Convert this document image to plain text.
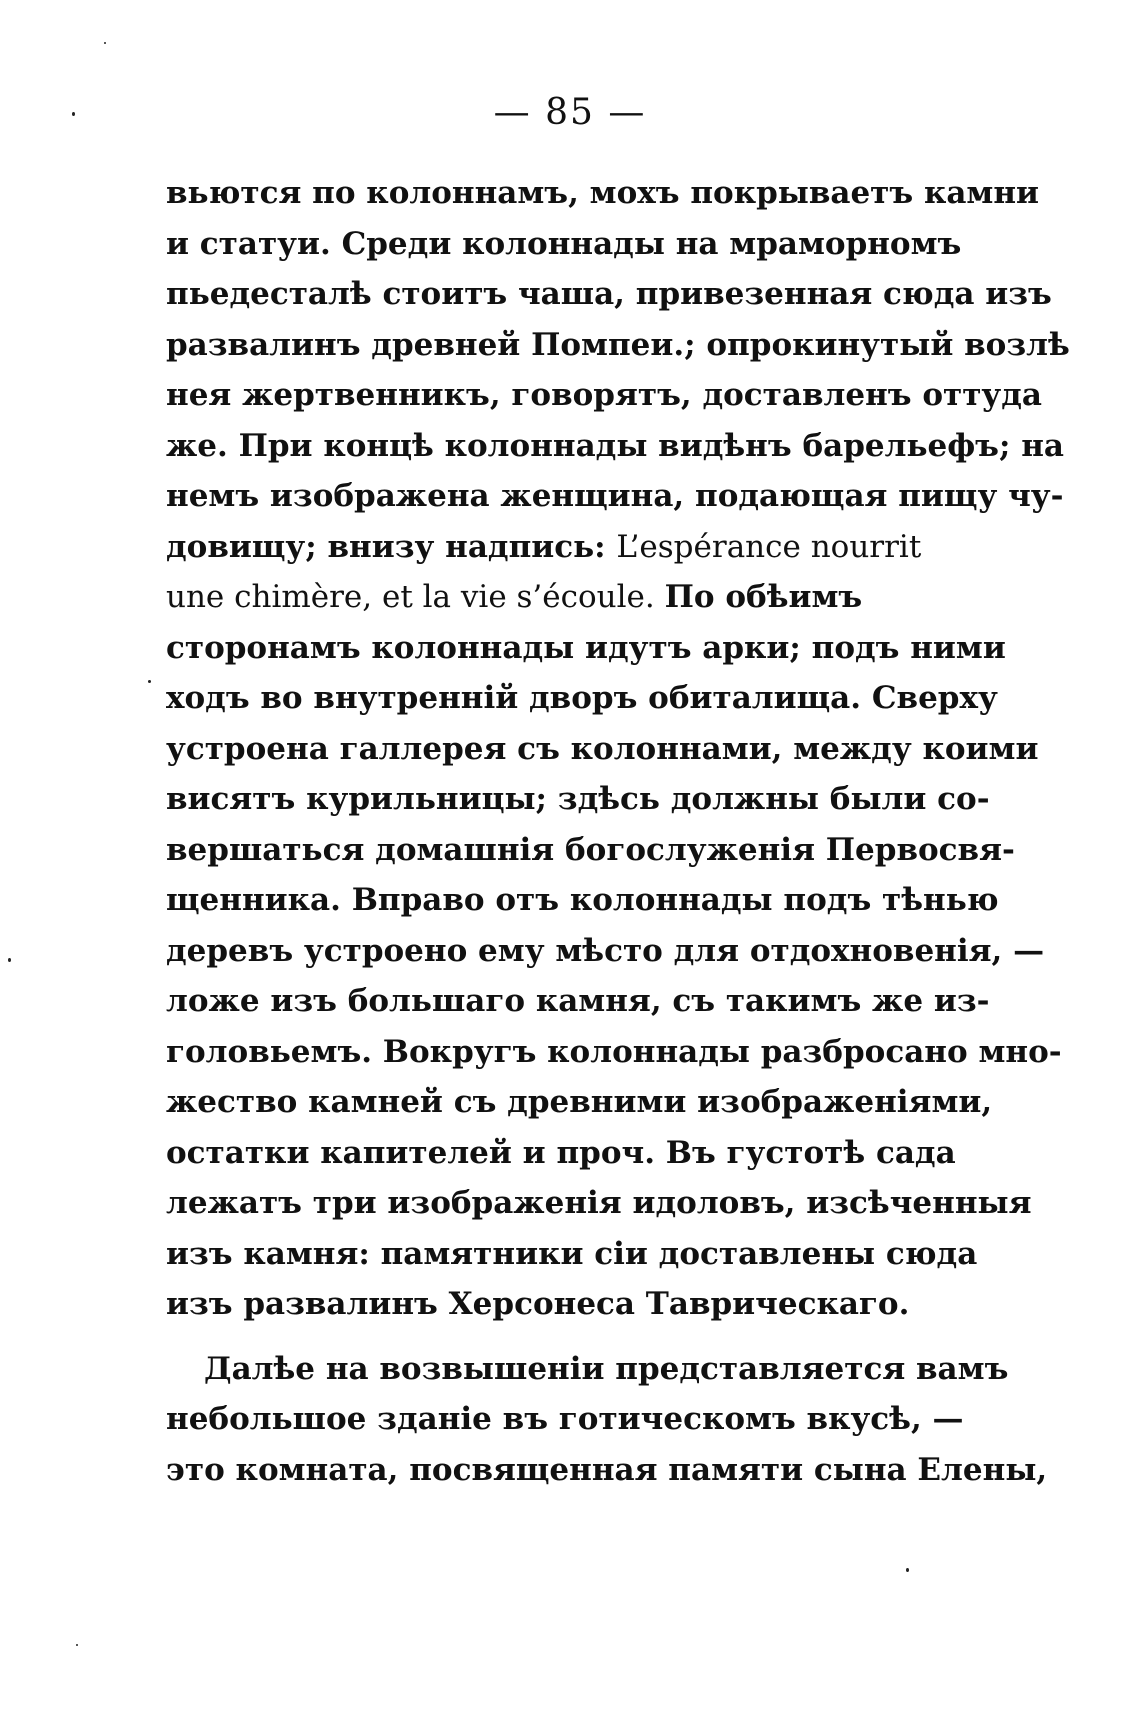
— 85 —
вьются по колоннамъ, мохъ покрываетъ камни
и статуи. Среди колоннады на мраморномъ
пьедесталѣ стоитъ чаша, привезенная сюда изъ
развалинъ древней Помпеи.; опрокинутый возлѣ
нея жертвенникъ, говорятъ, доставленъ оттуда
же. При концѣ колоннады видѣнъ барельефъ; на
немъ изображена женщина, подающая пищу чу-
довищу; внизу надпись: L’espérance nourrit
une chimère, et la vie s’écoule. По обѣимъ
сторонамъ колоннады идутъ арки; подъ ними
ходъ во внутренній дворъ обиталища. Сверху
устроена галлерея съ колоннами, между коими
висятъ курильницы; здѣсь должны были со-
вершаться домашнія богослуженія Первосвя-
щенника. Вправо отъ колоннады подъ тѣнью
деревъ устроено ему мѣсто для отдохновенія, —
ложе изъ большаго камня, съ такимъ же из-
головьемъ. Вокругъ колоннады разбросано мно-
жество камней съ древними изображеніями,
остатки капителей и проч. Въ густотѣ сада
лежатъ три изображенія идоловъ, изсѣченныя
изъ камня: памятники сіи доставлены сюда
изъ развалинъ Херсонеса Таврическаго.
Далѣе на возвышеніи представляется вамъ
небольшое зданіе въ готическомъ вкусѣ, —
это комната, посвященная памяти сына Елены,
